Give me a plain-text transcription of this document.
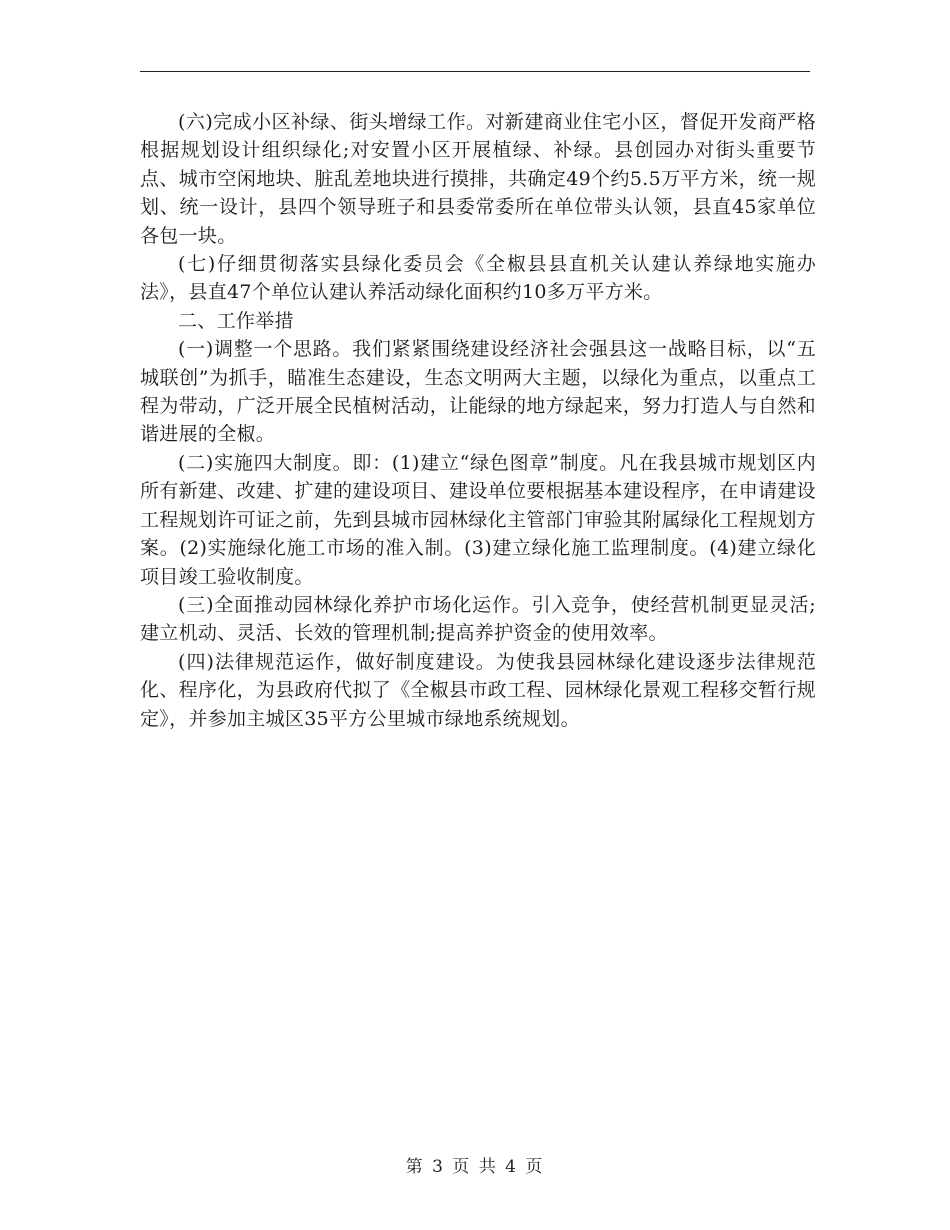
(六)完成小区补绿、街头增绿工作。对新建商业住宅小区，督促开发商严格根据规划设计组织绿化;对安置小区开展植绿、补绿。县创园办对街头重要节点、城市空闲地块、脏乱差地块进行摸排，共确定49个约5.5万平方米，统一规划、统一设计，县四个领导班子和县委常委所在单位带头认领，县直45家单位各包一块。

(七)仔细贯彻落实县绿化委员会《全椒县县直机关认建认养绿地实施办法》，县直47个单位认建认养活动绿化面积约10多万平方米。

二、工作举措

(一)调整一个思路。我们紧紧围绕建设经济社会强县这一战略目标，以“五城联创”为抓手，瞄准生态建设，生态文明两大主题，以绿化为重点，以重点工程为带动，广泛开展全民植树活动，让能绿的地方绿起来，努力打造人与自然和谐进展的全椒。

(二)实施四大制度。即：(1)建立“绿色图章”制度。凡在我县城市规划区内所有新建、改建、扩建的建设项目、建设单位要根据基本建设程序，在申请建设工程规划许可证之前，先到县城市园林绿化主管部门审验其附属绿化工程规划方案。(2)实施绿化施工市场的准入制。(3)建立绿化施工监理制度。(4)建立绿化项目竣工验收制度。

(三)全面推动园林绿化养护市场化运作。引入竞争，使经营机制更显灵活;建立机动、灵活、长效的管理机制;提高养护资金的使用效率。

(四)法律规范运作，做好制度建设。为使我县园林绿化建设逐步法律规范化、程序化，为县政府代拟了《全椒县市政工程、园林绿化景观工程移交暂行规定》，并参加主城区35平方公里城市绿地系统规划。

第 3 页 共 4 页
